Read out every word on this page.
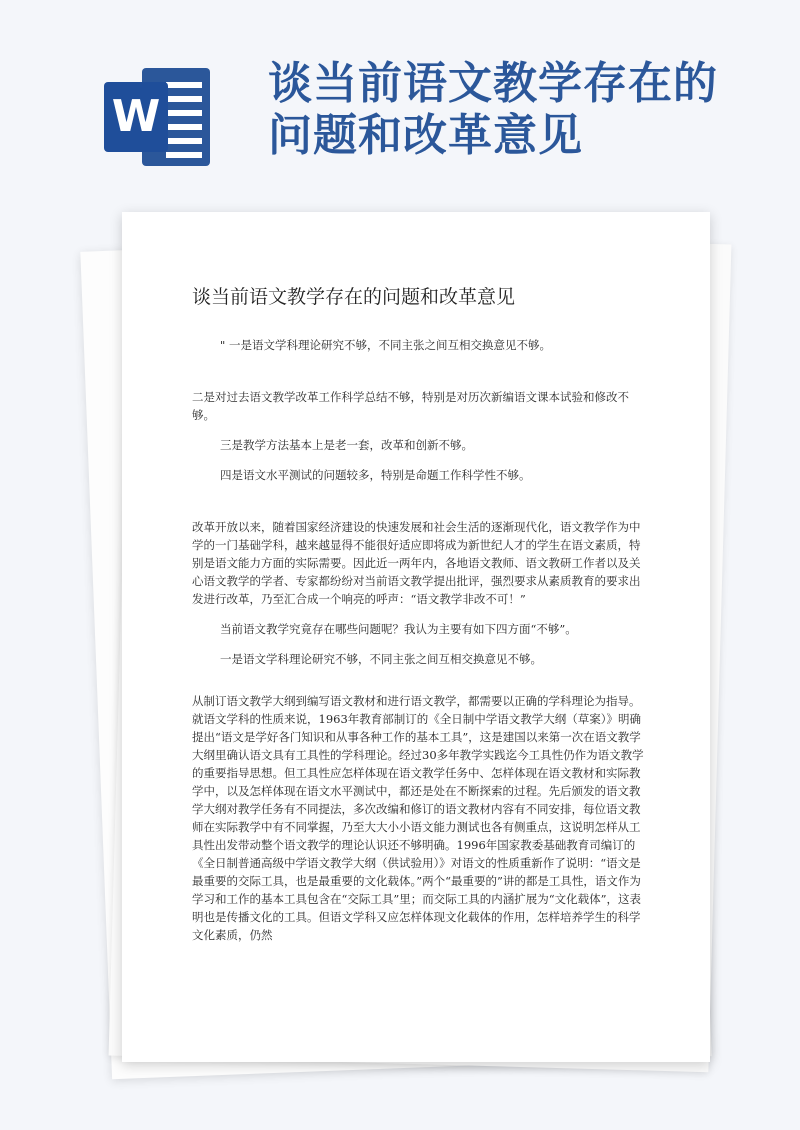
W
谈当前语文教学存在的问题和改革意见
谈当前语文教学存在的问题和改革意见

" 一是语文学科理论研究不够，不同主张之间互相交换意见不够。

二是对过去语文教学改革工作科学总结不够，特别是对历次新编语文课本试验和修改不够。

三是教学方法基本上是老一套，改革和创新不够。

四是语文水平测试的问题较多，特别是命题工作科学性不够。

改革开放以来，随着国家经济建设的快速发展和社会生活的逐渐现代化，语文教学作为中学的一门基础学科，越来越显得不能很好适应即将成为新世纪人才的学生在语文素质，特别是语文能力方面的实际需要。因此近一两年内，各地语文教师、语文教研工作者以及关心语文教学的学者、专家都纷纷对当前语文教学提出批评，强烈要求从素质教育的要求出发进行改革，乃至汇合成一个响亮的呼声：“语文教学非改不可！”

当前语文教学究竟存在哪些问题呢？我认为主要有如下四方面“不够”。

一是语文学科理论研究不够，不同主张之间互相交换意见不够。

从制订语文教学大纲到编写语文教材和进行语文教学，都需要以正确的学科理论为指导。就语文学科的性质来说，1963年教育部制订的《全日制中学语文教学大纲（草案）》明确提出“语文是学好各门知识和从事各种工作的基本工具”，这是建国以来第一次在语文教学大纲里确认语文具有工具性的学科理论。经过30多年教学实践迄今工具性仍作为语文教学的重要指导思想。但工具性应怎样体现在语文教学任务中、怎样体现在语文教材和实际教学中，以及怎样体现在语文水平测试中，都还是处在不断探索的过程。先后颁发的语文教学大纲对教学任务有不同提法，多次改编和修订的语文教材内容有不同安排，每位语文教师在实际教学中有不同掌握，乃至大大小小语文能力测试也各有侧重点，这说明怎样从工具性出发带动整个语文教学的理论认识还不够明确。1996年国家教委基础教育司编订的《全日制普通高级中学语文教学大纲（供试验用）》对语文的性质重新作了说明：“语文是最重要的交际工具，也是最重要的文化载体。”两个“最重要的”讲的都是工具性，语文作为学习和工作的基本工具包含在“交际工具”里；而交际工具的内涵扩展为“文化载体”，这表明也是传播文化的工具。但语文学科又应怎样体现文化载体的作用，怎样培养学生的科学文化素质，仍然
